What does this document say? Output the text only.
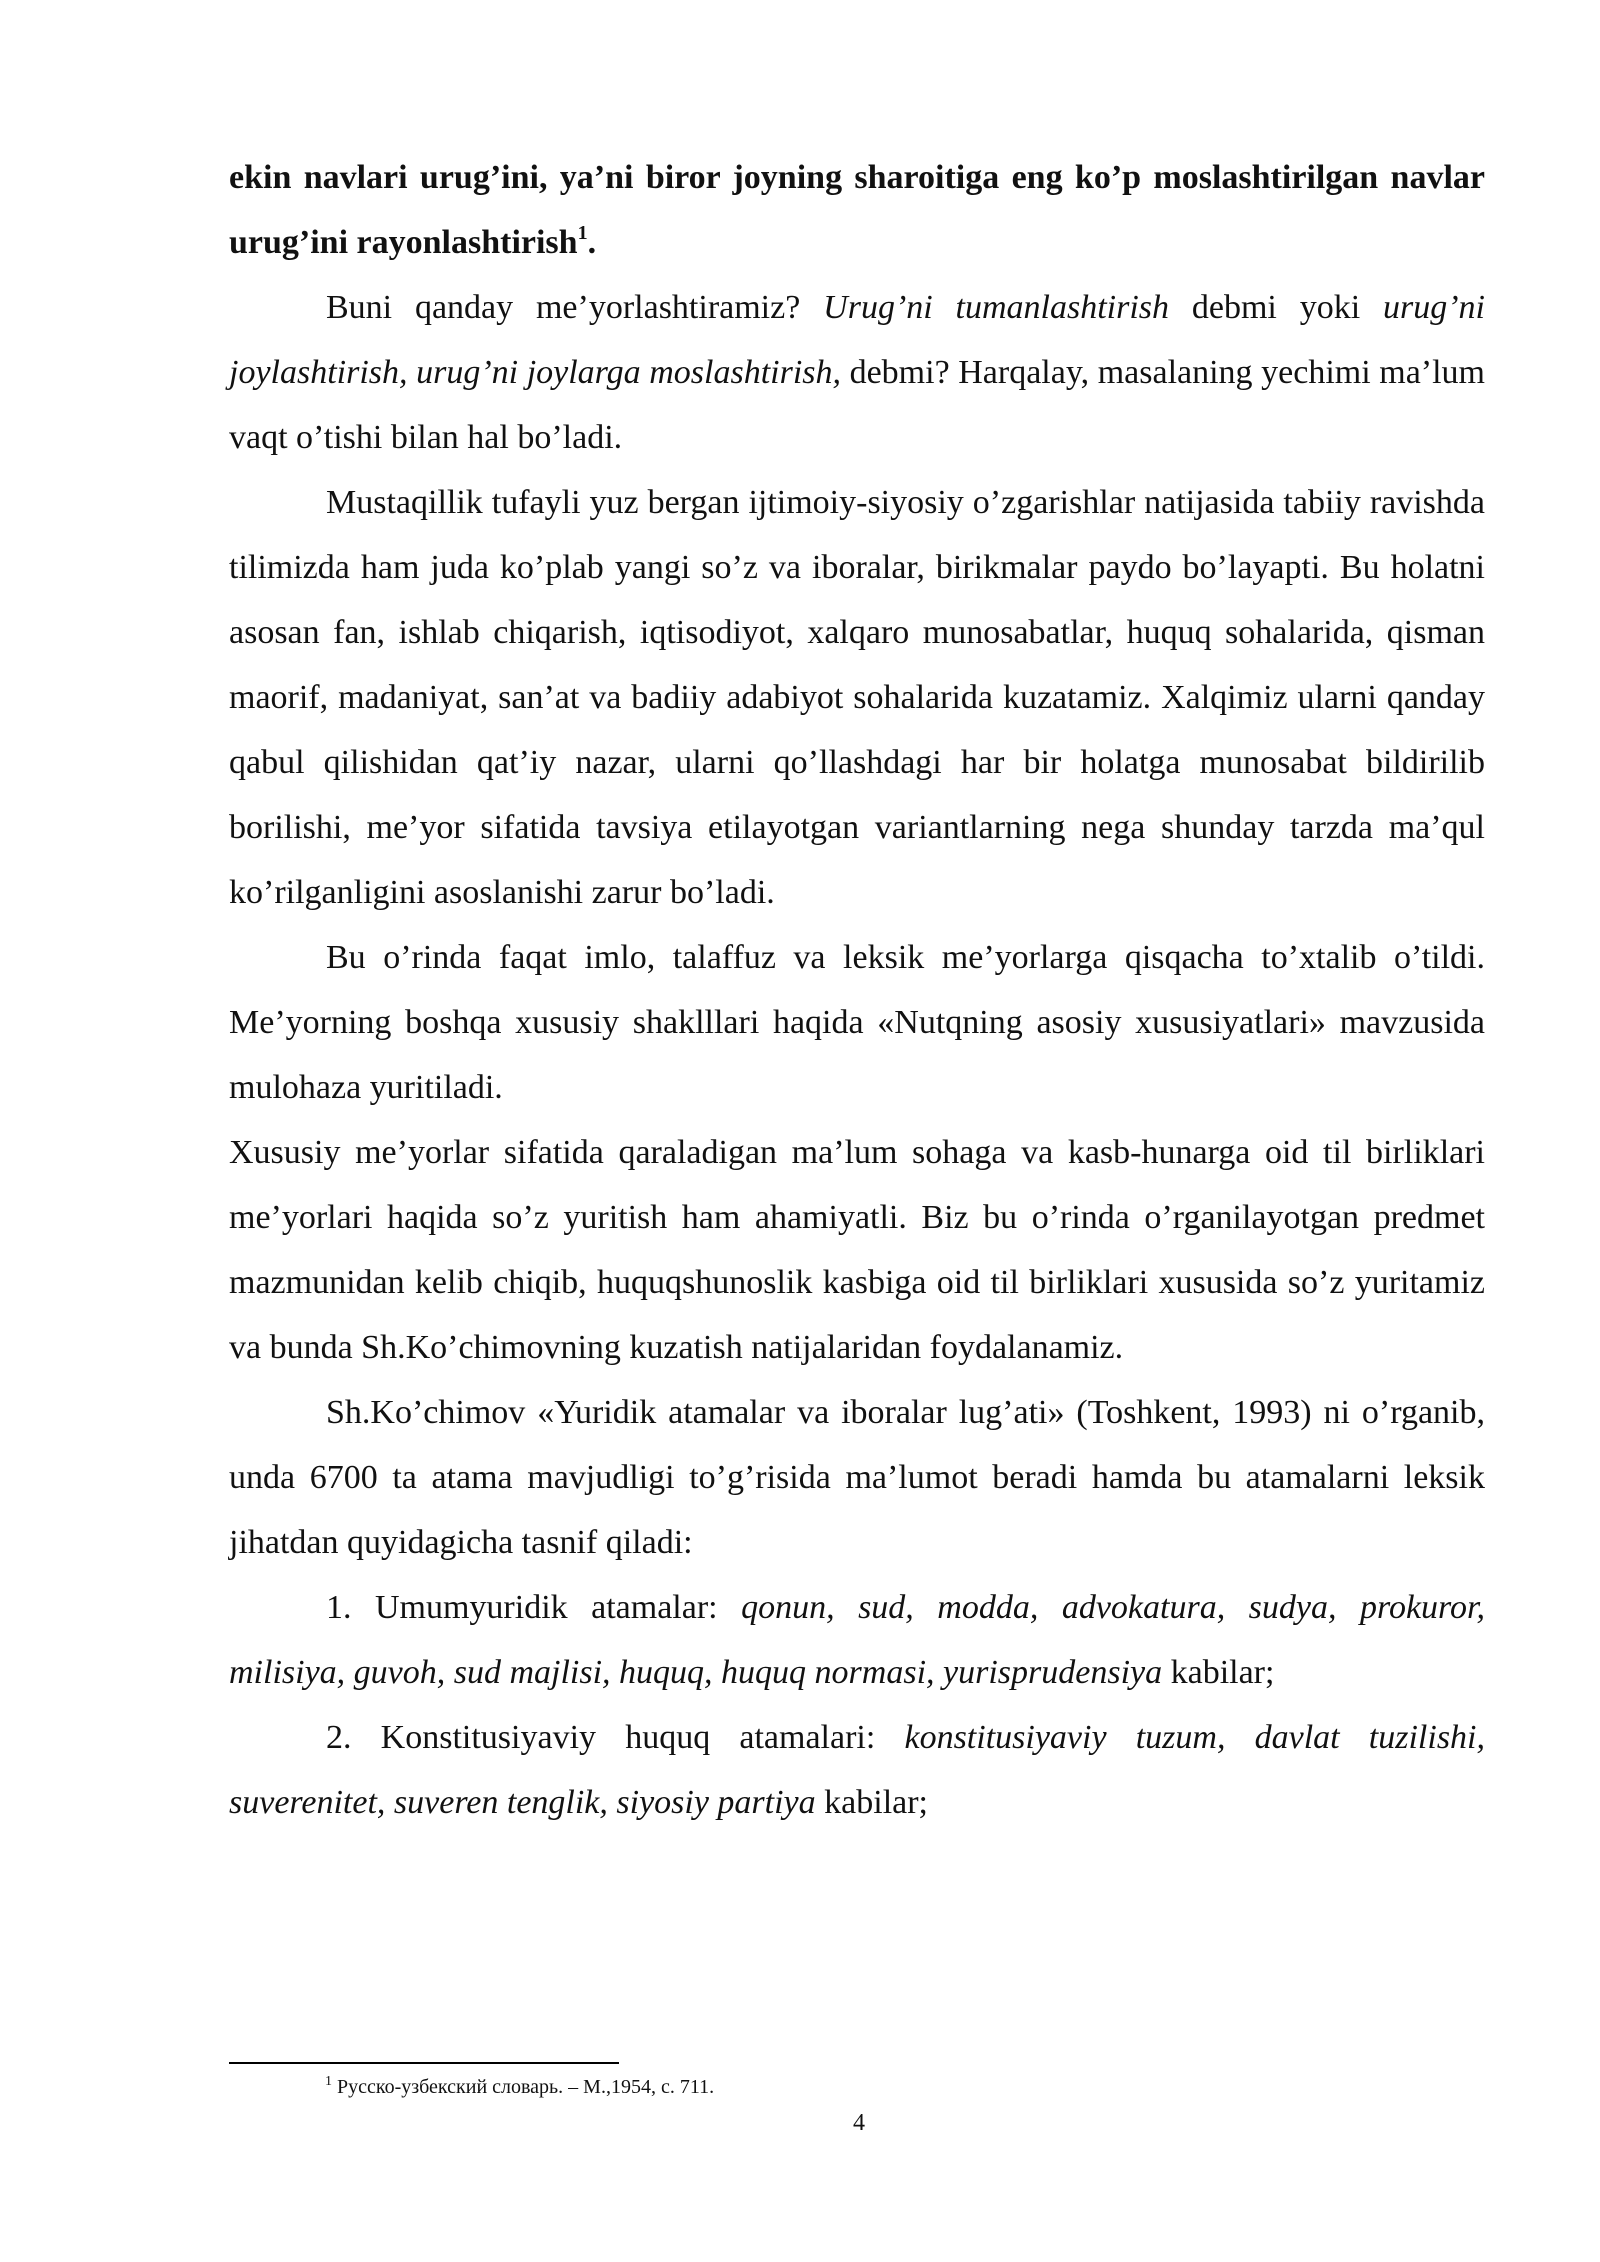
ekin navlari urug’ini, ya’ni biror joyning sharoitiga eng ko’p moslashtirilgan navlar urug’ini rayonlashtirish$^1$.

Buni qanday me’yorlashtiramiz? Urug’ni tumanlashtirish debmi yoki urug’ni joylashtirish, urug’ni joylarga moslashtirish, debmi? Harqalay, masalaning yechimi ma’lum vaqt o’tishi bilan hal bo’ladi.

Mustaqillik tufayli yuz bergan ijtimoiy-siyosiy o’zgarishlar natijasida tabiiy ravishda tilimizda ham juda ko’plab yangi so’z va iboralar, birikmalar paydo bo’layapti. Bu holatni asosan fan, ishlab chiqarish, iqtisodiyot, xalqaro munosabatlar, huquq sohalarida, qisman maorif, madaniyat, san’at va badiiy adabiyot sohalarida kuzatamiz. Xalqimiz ularni qanday qabul qilishidan qat’iy nazar, ularni qo’llashdagi har bir holatga munosabat bildirilib borilishi, me’yor sifatida tavsiya etilayotgan variantlarning nega shunday tarzda ma’qul ko’rilganligini asoslanishi zarur bo’ladi.

Bu o’rinda faqat imlo, talaffuz va leksik me’yorlarga qisqacha to’xtalib o’tildi. Me’yorning boshqa xususiy shaklllari haqida «Nutqning asosiy xususiyatlari» mavzusida mulohaza yuritiladi.

Xususiy me’yorlar sifatida qaraladigan ma’lum sohaga va kasb-hunarga oid til birliklari me’yorlari haqida so’z yuritish ham ahamiyatli. Biz bu o’rinda o’rganilayotgan predmet mazmunidan kelib chiqib, huquqshunoslik kasbiga oid til birliklari xususida so’z yuritamiz va bunda Sh.Ko’chimovning kuzatish natijalaridan foydalanamiz.

Sh.Ko’chimov «Yuridik atamalar va iboralar lug’ati» (Toshkent, 1993) ni o’rganib, unda 6700 ta atama mavjudligi to’g’risida ma’lumot beradi hamda bu atamalarni leksik jihatdan quyidagicha tasnif qiladi:

1. Umumyuridik atamalar: qonun, sud, modda, advokatura, sudya, prokuror, milisiya, guvoh, sud majlisi, huquq, huquq normasi, yurisprudensiya kabilar;

2. Konstitusiyaviy huquq atamalari: konstitusiyaviy tuzum, davlat tuzilishi, suverenitet, suveren tenglik, siyosiy partiya kabilar;

$^1$ Русско-узбекский словарь. – М.,1954, с. 711.
4
